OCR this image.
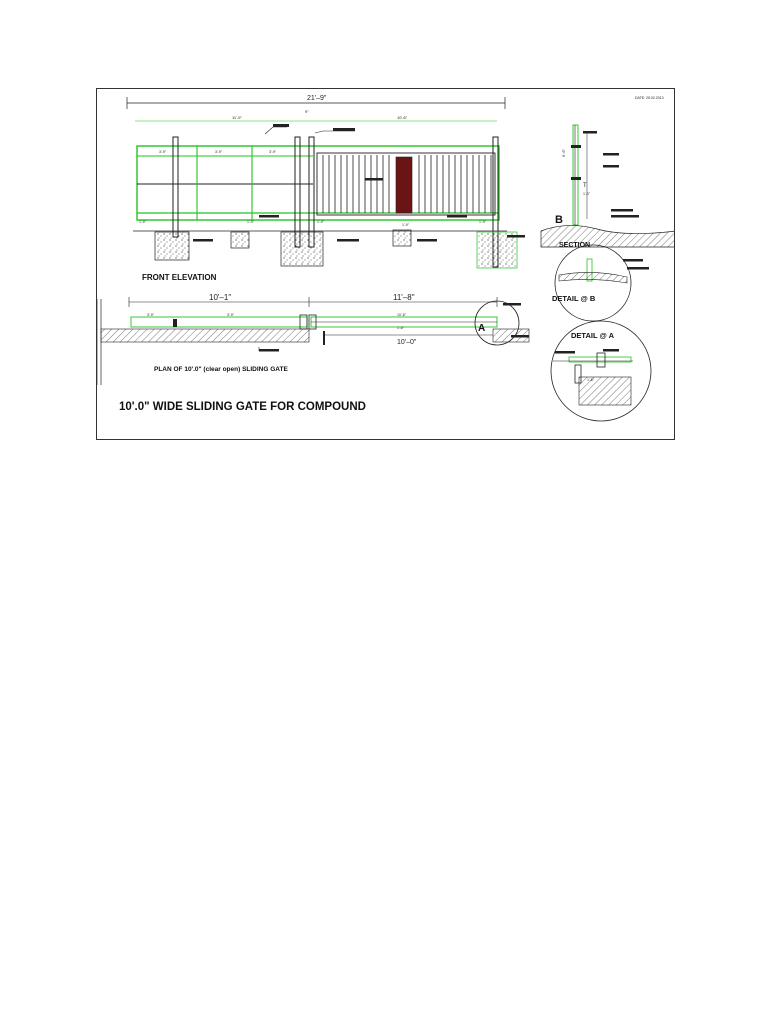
DATE: 25.02.2013
21'–9"
11'-9"
9"
10'-6"
3'-9"	3'-9"	3'-9"
1'-9"	1'-9"	1'-9"
1'-9"
1'-9"
FRONT ELEVATION
10'–1"	11'–8"
3'-9"	3'-9"	10'-6"
1'-6"
10'–0"
A
PLAN OF 10'.0" (clear open) SLIDING GATE
6'-6"
T
1'-0"
B
SECTION
DETAIL @ B
1'-6"
DETAIL @ A
10'.0" WIDE SLIDING GATE FOR COMPOUND
